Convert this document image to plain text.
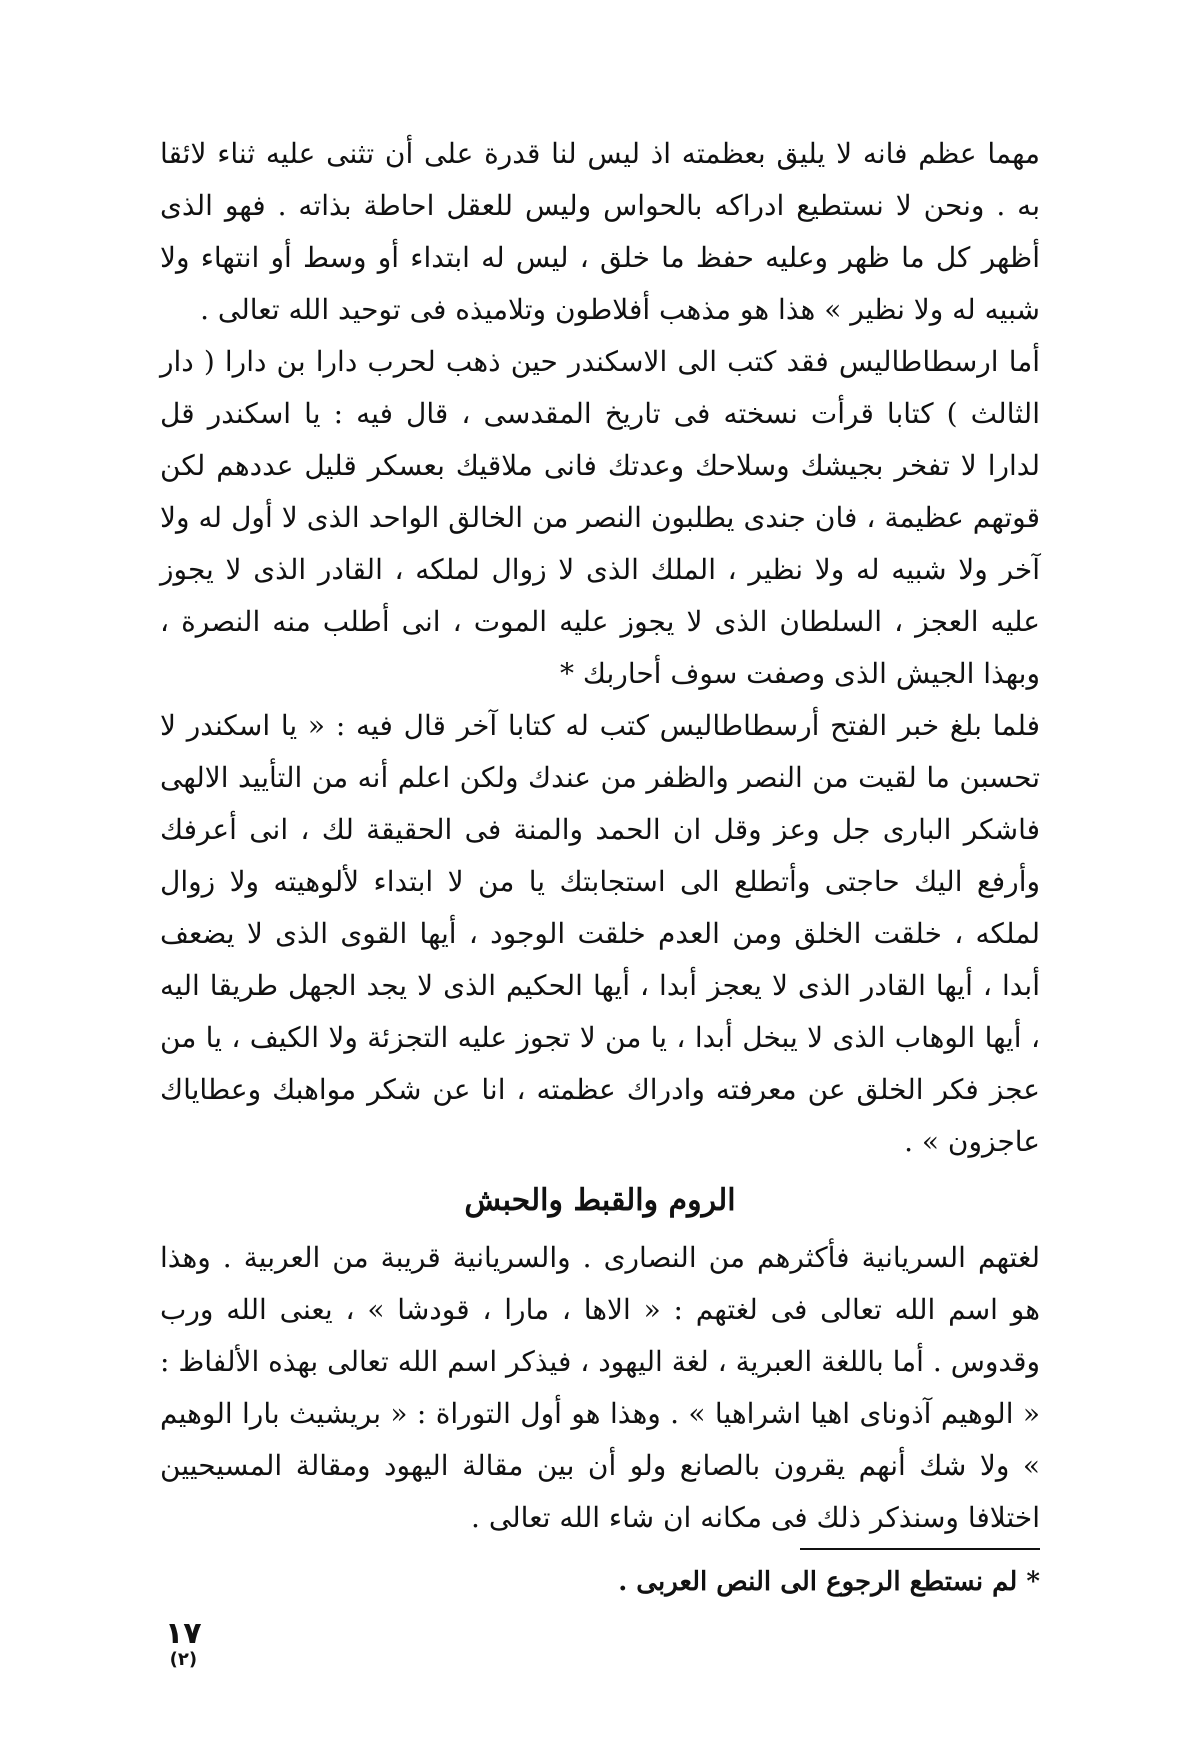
مهما عظم فانه لا يليق بعظمته اذ ليس لنا قدرة على أن تثنى عليه ثناء لائقا به . ونحن لا نستطيع ادراكه بالحواس وليس للعقل احاطة بذاته . فهو الذى أظهر كل ما ظهر وعليه حفظ ما خلق ، ليس له ابتداء أو وسط أو انتهاء ولا شبيه له ولا نظير » هذا هو مذهب أفلاطون وتلاميذه فى توحيد الله تعالى .

أما ارسطاطاليس فقد كتب الى الاسكندر حين ذهب لحرب دارا بن دارا ( دار الثالث ) كتابا قرأت نسخته فى تاريخ المقدسى ، قال فيه : يا اسكندر قل لدارا لا تفخر بجيشك وسلاحك وعدتك فانى ملاقيك بعسكر قليل عددهم لكن قوتهم عظيمة ، فان جندى يطلبون النصر من الخالق الواحد الذى لا أول له ولا آخر ولا شبيه له ولا نظير ، الملك الذى لا زوال لملكه ، القادر الذى لا يجوز عليه العجز ، السلطان الذى لا يجوز عليه الموت ، انى أطلب منه النصرة ، وبهذا الجيش الذى وصفت سوف أحاربك *

فلما بلغ خبر الفتح أرسطاطاليس كتب له كتابا آخر قال فيه : « يا اسكندر لا تحسبن ما لقيت من النصر والظفر من عندك ولكن اعلم أنه من التأييد الالهى فاشكر البارى جل وعز وقل ان الحمد والمنة فى الحقيقة لك ، انى أعرفك وأرفع اليك حاجتى وأتطلع الى استجابتك يا من لا ابتداء لألوهيته ولا زوال لملكه ، خلقت الخلق ومن العدم خلقت الوجود ، أيها القوى الذى لا يضعف أبدا ، أيها القادر الذى لا يعجز أبدا ، أيها الحكيم الذى لا يجد الجهل طريقا اليه ، أيها الوهاب الذى لا يبخل أبدا ، يا من لا تجوز عليه التجزئة ولا الكيف ، يا من عجز فكر الخلق عن معرفته وادراك عظمته ، انا عن شكر مواهبك وعطاياك عاجزون » .

الروم والقبط والحبش

لغتهم السريانية فأكثرهم من النصارى . والسريانية قريبة من العربية . وهذا هو اسم الله تعالى فى لغتهم : « الاها ، مارا ، قودشا » ، يعنى الله ورب وقدوس . أما باللغة العبرية ، لغة اليهود ، فيذكر اسم الله تعالى بهذه الألفاظ : « الوهيم آذوناى اهيا اشراهيا » . وهذا هو أول التوراة : « بريشيث بارا الوهيم » ولا شك أنهم يقرون بالصانع ولو أن بين مقالة اليهود ومقالة المسيحيين اختلافا وسنذكر ذلك فى مكانه ان شاء الله تعالى .

* لم نستطع الرجوع الى النص العربى .
١٧
(٢)
